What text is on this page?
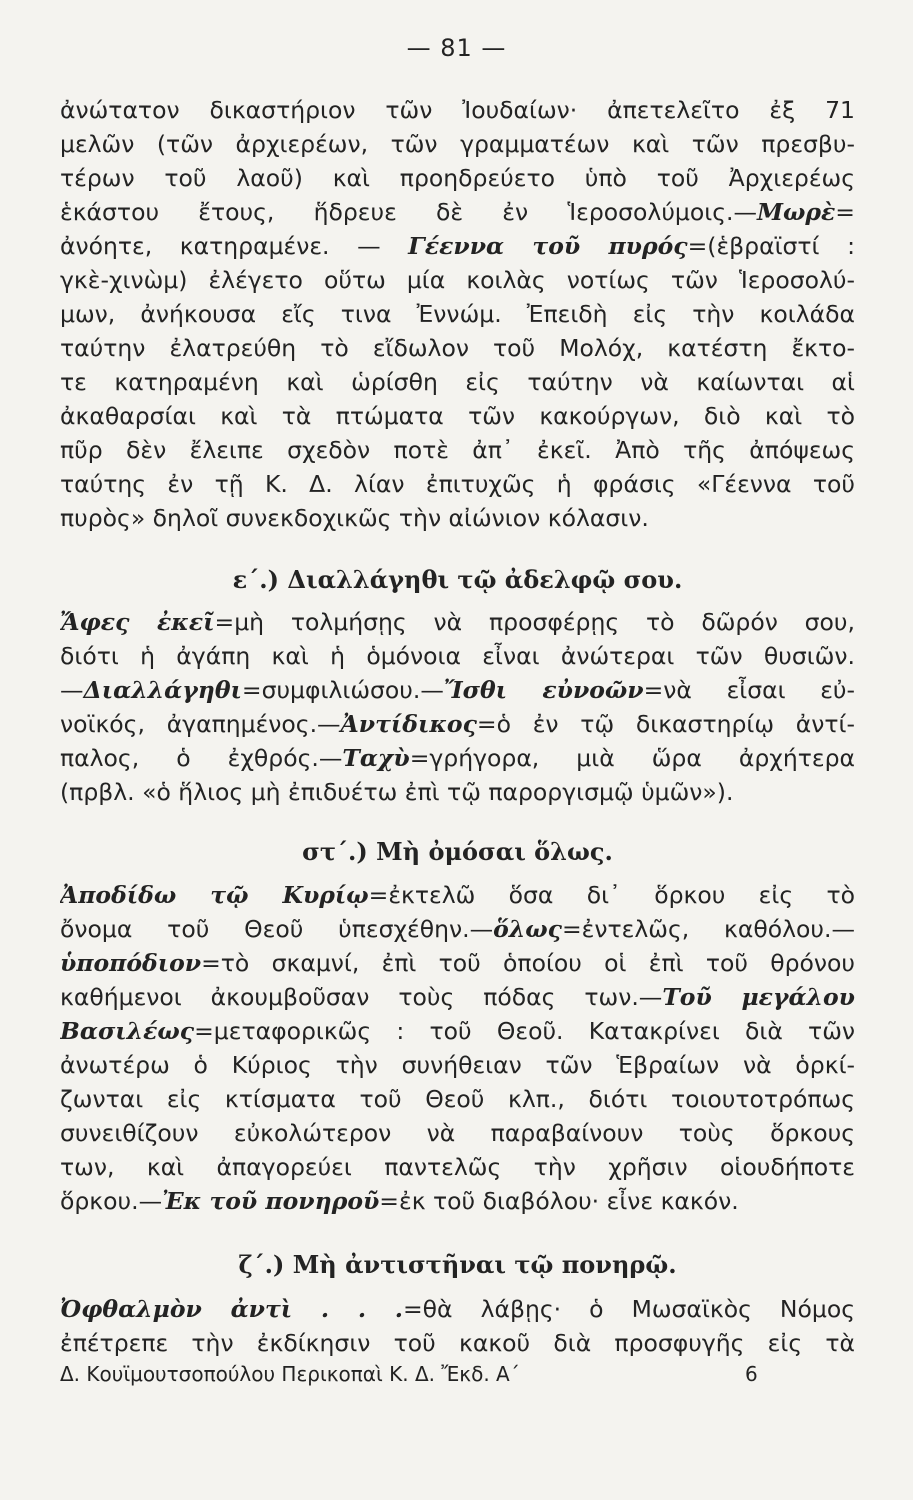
— 81 —
ἀνώτατον δικαστήριον τῶν Ἰουδαίων· ἀπετελεῖτο ἐξ 71
μελῶν (τῶν ἀρχιερέων, τῶν γραμματέων καὶ τῶν πρεσβυ-
τέρων τοῦ λαοῦ) καὶ προηδρεύετο ὑπὸ τοῦ Ἀρχιερέως
ἑκάστου ἔτους, ἥδρευε δὲ ἐν Ἱεροσολύμοις.—Μωρὲ=
ἀνόητε, κατηραμένε. — Γέεννα τοῦ πυρός=(ἑβραϊστί :
γκὲ-χινὼμ) ἐλέγετο οὕτω μία κοιλὰς νοτίως τῶν Ἱεροσολύ-
μων, ἀνήκουσα εἴς τινα Ἐννώμ. Ἐπειδὴ εἰς τὴν κοιλάδα
ταύτην ἐλατρεύθη τὸ εἴδωλον τοῦ Μολόχ, κατέστη ἔκτο-
τε κατηραμένη καὶ ὡρίσθη εἰς ταύτην νὰ καίωνται αἱ
ἀκαθαρσίαι καὶ τὰ πτώματα τῶν κακούργων, διὸ καὶ τὸ
πῦρ δὲν ἔλειπε σχεδὸν ποτὲ ἀπ᾿ ἐκεῖ. Ἀπὸ τῆς ἀπόψεως
ταύτης ἐν τῇ Κ. Δ. λίαν ἐπιτυχῶς ἡ φράσις «Γέεννα τοῦ
πυρὸς» δηλοῖ συνεκδοχικῶς τὴν αἰώνιον κόλασιν.
ε΄.) Διαλλάγηθι τῷ ἀδελφῷ σου.
Ἄφες ἐκεῖ=μὴ τολμήσῃς νὰ προσφέρῃς τὸ δῶρόν σου,
διότι ἡ ἀγάπη καὶ ἡ ὁμόνοια εἶναι ἀνώτεραι τῶν θυσιῶν.
—Διαλλάγηθι=συμφιλιώσου.—Ἴσθι εὐνοῶν=νὰ εἶσαι εὐ-
νοϊκός, ἀγαπημένος.—Ἀντίδικος=ὁ ἐν τῷ δικαστηρίῳ ἀντί-
παλος, ὁ ἐχθρός.—Ταχὺ=γρήγορα, μιὰ ὥρα ἀρχήτερα
(πρβλ. «ὁ ἥλιος μὴ ἐπιδυέτω ἐπὶ τῷ παροργισμῷ ὑμῶν»).
στ΄.) Μὴ ὀμόσαι ὅλως.
Ἀποδίδω τῷ Κυρίῳ=ἐκτελῶ ὅσα δι᾿ ὅρκου εἰς τὸ
ὄνομα τοῦ Θεοῦ ὑπεσχέθην.—ὅλως=ἐντελῶς, καθόλου.—
ὑποπόδιον=τὸ σκαμνί, ἐπὶ τοῦ ὁποίου οἱ ἐπὶ τοῦ θρόνου
καθήμενοι ἀκουμβοῦσαν τοὺς πόδας των.—Τοῦ μεγάλου
Βασιλέως=μεταφορικῶς : τοῦ Θεοῦ. Κατακρίνει διὰ τῶν
ἀνωτέρω ὁ Κύριος τὴν συνήθειαν τῶν Ἑβραίων νὰ ὁρκί-
ζωνται εἰς κτίσματα τοῦ Θεοῦ κλπ., διότι τοιουτοτρόπως
συνειθίζουν εὐκολώτερον νὰ παραβαίνουν τοὺς ὅρκους
των, καὶ ἀπαγορεύει παντελῶς τὴν χρῆσιν οἱουδήποτε
ὅρκου.—Ἐκ τοῦ πονηροῦ=ἐκ τοῦ διαβόλου· εἶνε κακόν.
ζ΄.) Μὴ ἀντιστῆναι τῷ πονηρῷ.
Ὀφθαλμὸν ἀντὶ . . .=θὰ λάβῃς· ὁ Μωσαϊκὸς Νόμος
ἐπέτρεπε τὴν ἐκδίκησιν τοῦ κακοῦ διὰ προσφυγῆς εἰς τὰ
Δ. Κουϊμουτσοπούλου Περικοπαὶ Κ. Δ. Ἔκδ. Α΄	6
